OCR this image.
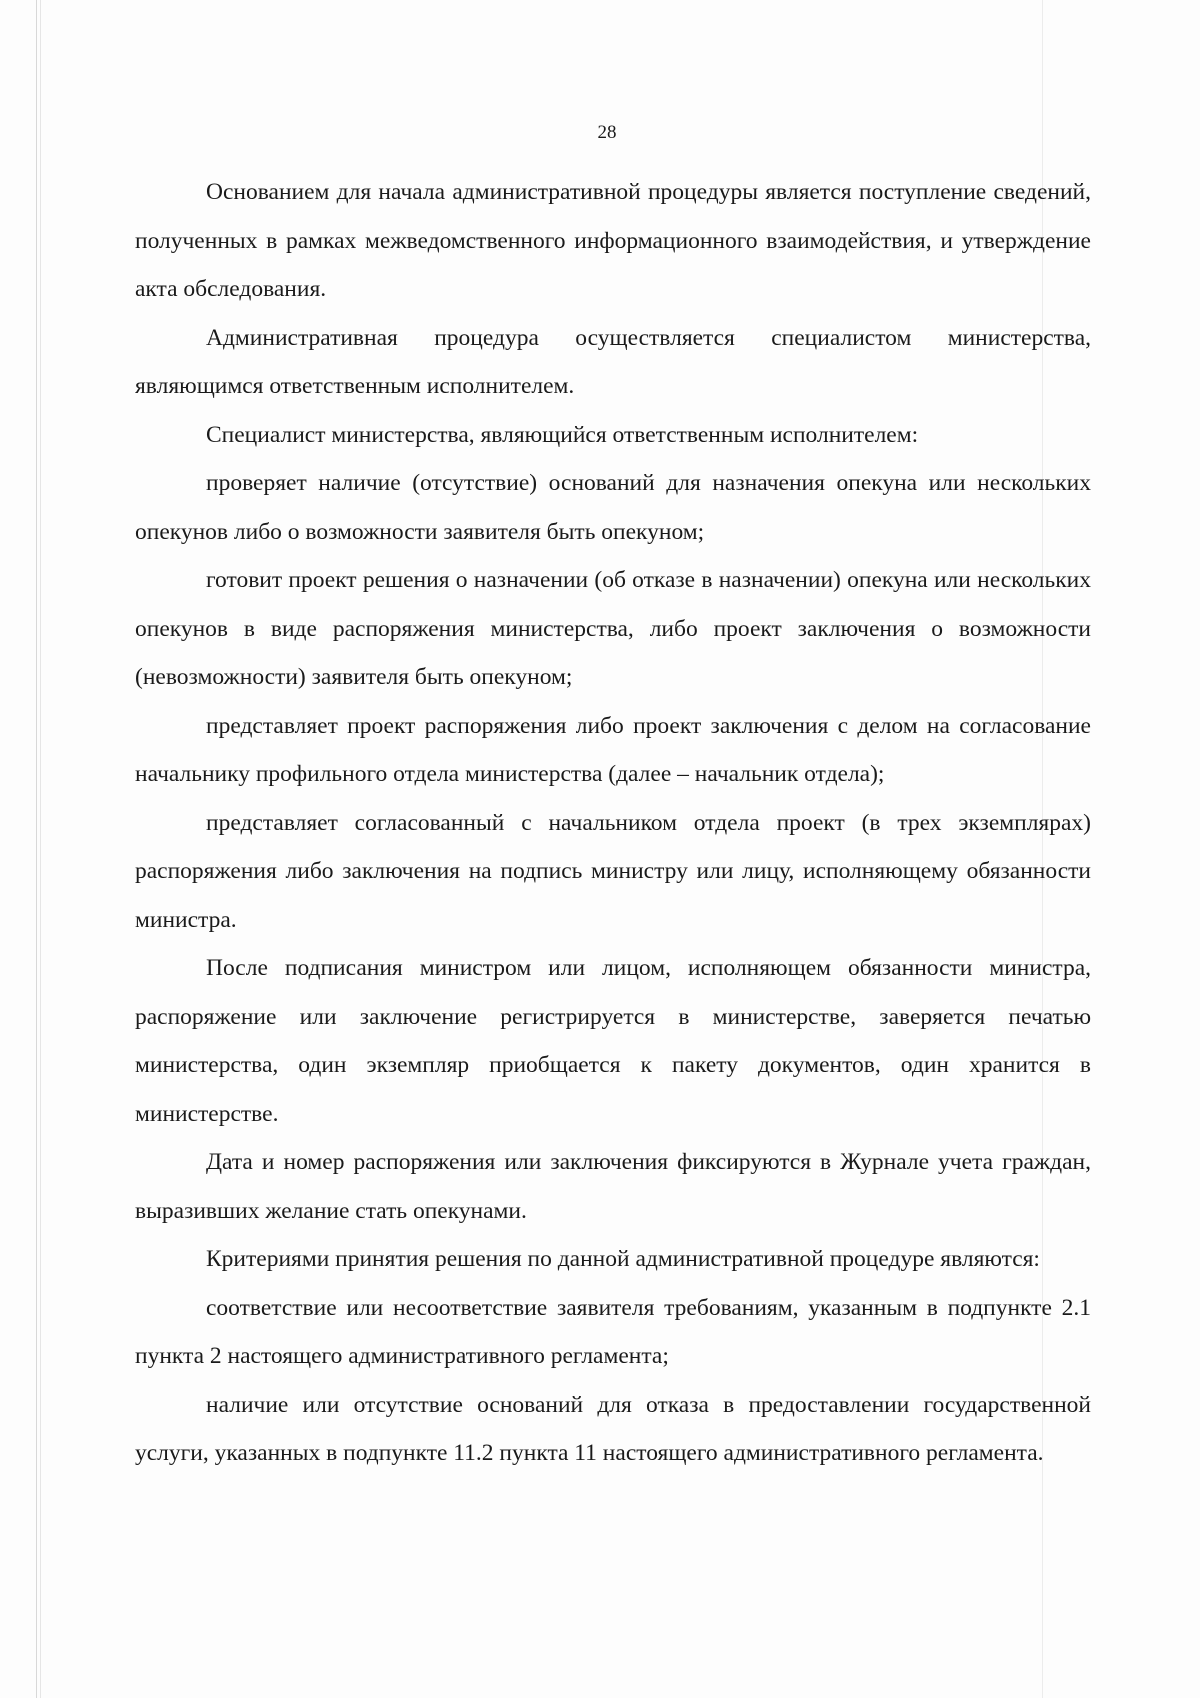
28

Основанием для начала административной процедуры является поступление сведений, полученных в рамках межведомственного информационного взаимодействия, и утверждение акта обследования.

Административная процедура осуществляется специалистом министерства, являющимся ответственным исполнителем.

Специалист министерства, являющийся ответственным исполнителем:

проверяет наличие (отсутствие) оснований для назначения опекуна или нескольких опекунов либо о возможности заявителя быть опекуном;

готовит проект решения о назначении (об отказе в назначении) опекуна или нескольких опекунов в виде распоряжения министерства, либо проект заключения о возможности (невозможности) заявителя быть опекуном;

представляет проект распоряжения либо проект заключения с делом на согласование начальнику профильного отдела министерства (далее – начальник отдела);

представляет согласованный с начальником отдела проект (в трех экземплярах) распоряжения либо заключения на подпись министру или лицу, исполняющему обязанности министра.

После подписания министром или лицом, исполняющем обязанности министра, распоряжение или заключение регистрируется в министерстве, заверяется печатью министерства, один экземпляр приобщается к пакету документов, один хранится в министерстве.

Дата и номер распоряжения или заключения фиксируются в Журнале учета граждан, выразивших желание стать опекунами.

Критериями принятия решения по данной административной процедуре являются:

соответствие или несоответствие заявителя требованиям, указанным в подпункте 2.1 пункта 2 настоящего административного регламента;

наличие или отсутствие оснований для отказа в предоставлении государственной услуги, указанных в подпункте 11.2 пункта 11 настоящего административного регламента.
